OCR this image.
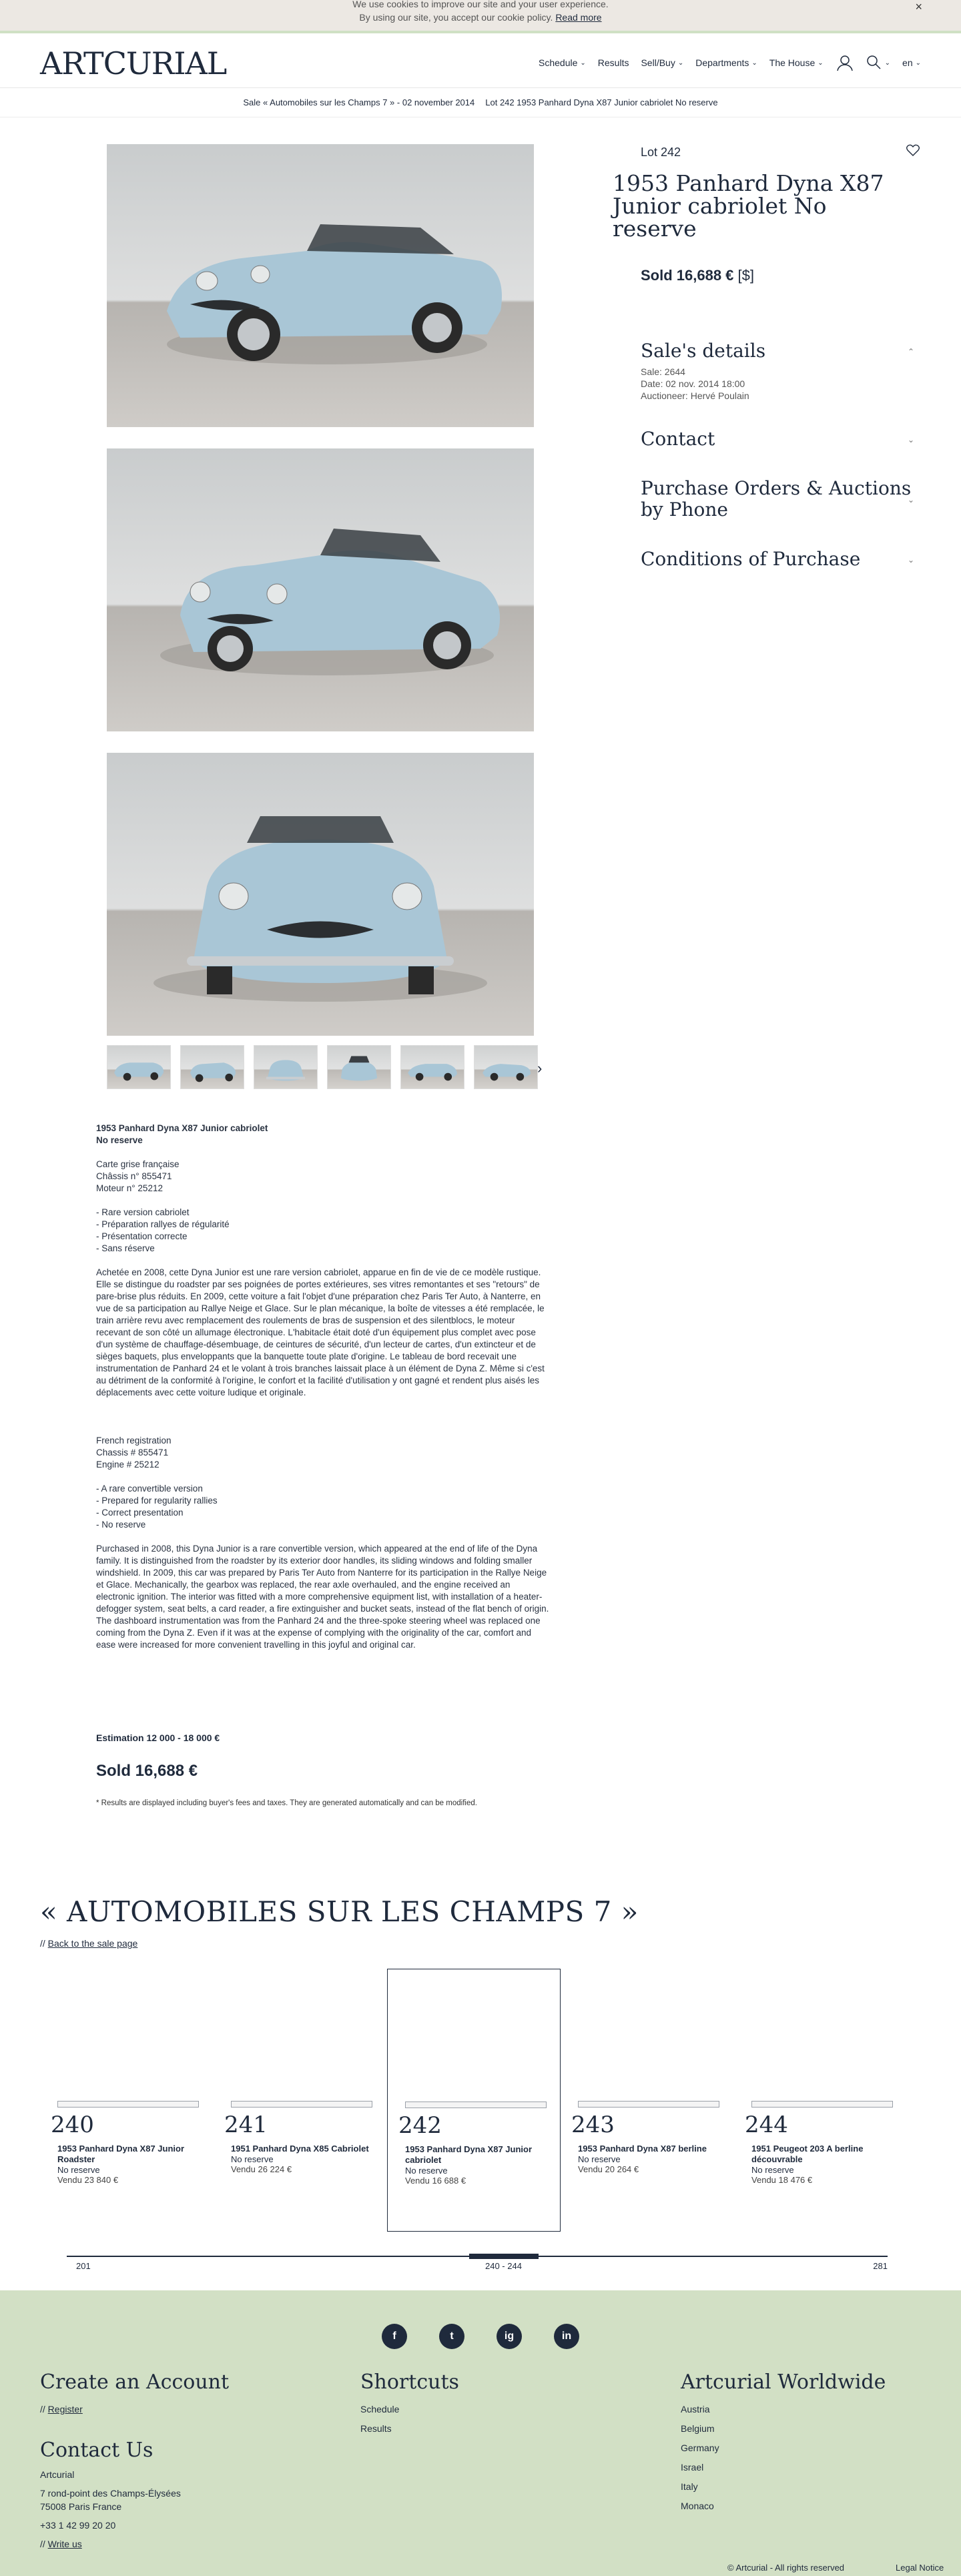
We use cookies to improve our site and your user experience.
By using our site, you accept our cookie policy. Read more
×
ARTCURIAL	Schedule ⌄ Results Sell/Buy ⌄ Departments ⌄ The House ⌄	⌄ en ⌄
Sale « Automobiles sur les Champs 7 » - 02 november 2014 Lot 242 1953 Panhard Dyna X87 Junior cabriolet No reserve
›
Lot 242
1953 Panhard Dyna X87 Junior cabriolet No reserve
Sold 16,688 € [$]
Sale's details	⌃
Sale: 2644
Date: 02 nov. 2014 18:00
Auctioneer: Hervé Poulain
Contact	⌄
Purchase Orders & Auctions by Phone	⌄
Conditions of Purchase	⌄

1953 Panhard Dyna X87 Junior cabriolet

No reserve

Carte grise française

Châssis n° 855471

Moteur n° 25212

- Rare version cabriolet

- Préparation rallyes de régularité

- Présentation correcte

- Sans réserve

Achetée en 2008, cette Dyna Junior est une rare version cabriolet, apparue en fin de vie de ce modèle rustique. Elle se distingue du roadster par ses poignées de portes extérieures, ses vitres remontantes et ses "retours" de pare-brise plus réduits. En 2009, cette voiture a fait l'objet d'une préparation chez Paris Ter Auto, à Nanterre, en vue de sa participation au Rallye Neige et Glace. Sur le plan mécanique, la boîte de vitesses a été remplacée, le train arrière revu avec remplacement des roulements de bras de suspension et des silentblocs, le moteur recevant de son côté un allumage électronique. L'habitacle était doté d'un équipement plus complet avec pose d'un système de chauffage-désembuage, de ceintures de sécurité, d'un lecteur de cartes, d'un extincteur et de sièges baquets, plus enveloppants que la banquette toute plate d'origine. Le tableau de bord recevait une instrumentation de Panhard 24 et le volant à trois branches laissait place à un élément de Dyna Z. Même si c'est au détriment de la conformité à l'origine, le confort et la facilité d'utilisation y ont gagné et rendent plus aisés les déplacements avec cette voiture ludique et originale.

French registration

Chassis # 855471

Engine # 25212

- A rare convertible version

- Prepared for regularity rallies

- Correct presentation

- No reserve

Purchased in 2008, this Dyna Junior is a rare convertible version, which appeared at the end of life of the Dyna family. It is distinguished from the roadster by its exterior door handles, its sliding windows and folding smaller windshield. In 2009, this car was prepared by Paris Ter Auto from Nanterre for its participation in the Rallye Neige et Glace. Mechanically, the gearbox was replaced, the rear axle overhauled, and the engine received an electronic ignition. The interior was fitted with a more comprehensive equipment list, with installation of a heater-defogger system, seat belts, a card reader, a fire extinguisher and bucket seats, instead of the flat bench of origin. The dashboard instrumentation was from the Panhard 24 and the three-spoke steering wheel was replaced one coming from the Dyna Z. Even if it was at the expense of complying with the originality of the car, comfort and ease were increased for more convenient travelling in this joyful and original car.

Estimation 12 000 - 18 000 €
Sold 16,688 €
* Results are displayed including buyer's fees and taxes. They are generated automatically and can be modified.
« AUTOMOBILES SUR LES CHAMPS 7 »
// Back to the sale page
240
1953 Panhard Dyna X87 Junior Roadster
No reserve
Vendu 23 840 €
241
1951 Panhard Dyna X85 Cabriolet
No reserve
Vendu 26 224 €
242
1953 Panhard Dyna X87 Junior cabriolet
No reserve
Vendu 16 688 €
243
1953 Panhard Dyna X87 berline
No reserve
Vendu 20 264 €
244
1951 Peugeot 203 A berline découvrable
No reserve
Vendu 18 476 €
201	240 - 244	281
f	t	ig	in
Create an Account
// Register
Contact Us
Artcurial
7 rond-point des Champs-Élysées
75008 Paris France
+33 1 42 99 20 20
// Write us
Shortcuts
Schedule
Results
Artcurial Worldwide
Austria
Belgium
Germany
Israel
Italy
Monaco
© Artcurial - All rights reserved	Legal Notice
